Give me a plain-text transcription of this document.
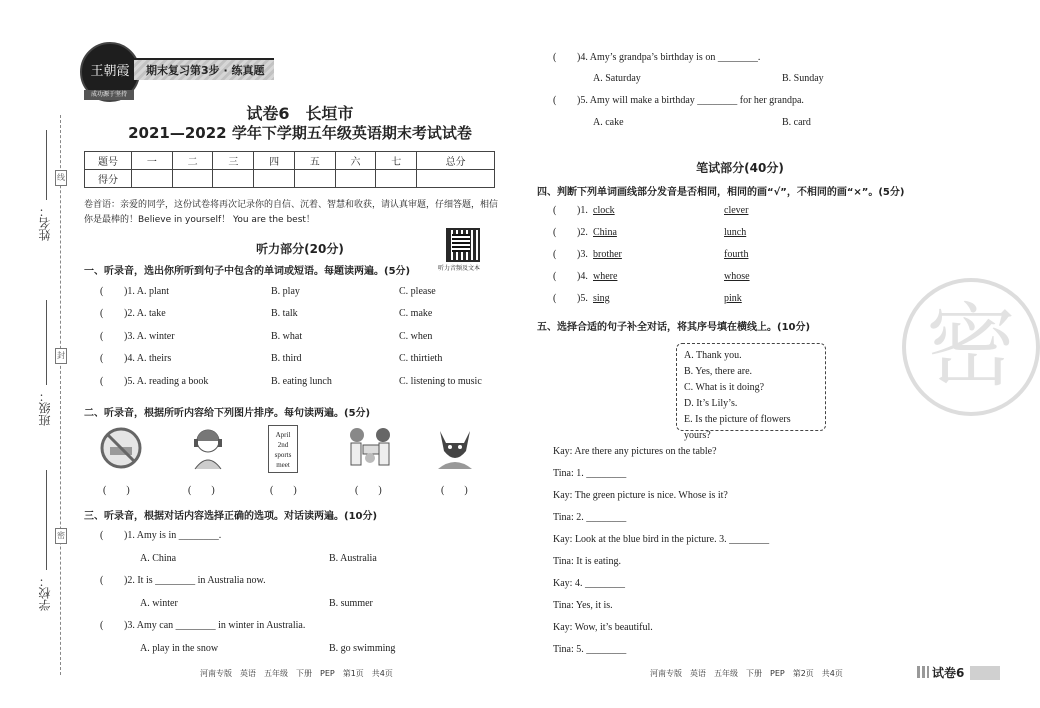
姓名：
班级：
学校：
线
封
密
王朝霞
成功源于坚持
期末复习第3步 · 练真题
试卷6　长垣市
2021—2022 学年下学期五年级英语期末考试试卷
题号	一	二	三	四	五	六	七	总分
得分								
卷首语：亲爱的同学，这份试卷将再次记录你的自信、沉着、智慧和收获，请认真审题，仔细答题，相信你是最棒的！Believe in yourself！ You are the best！
听力部分(20分)
听力音频及文本
一、听录音，选出你所听到句子中包含的单词或短语。每题读两遍。(5分)
( )1. A. plant	B. play	C. please
( )2. A. take	B. talk	C. make
( )3. A. winter	B. what	C. when
( )4. A. theirs	B. third	C. thirtieth
( )5. A. reading a book	B. eating lunch	C. listening to music
二、听录音，根据所听内容给下列图片排序。每句读两遍。(5分)
April
2nd
sports
meet
(　　)	(　　)	(　　)	(　　)	(　　)
三、听录音，根据对话内容选择正确的选项。对话读两遍。(10分)
( )1. Amy is in ________.
A. China	B. Australia
( )2. It is ________ in Australia now.
A. winter	B. summer
( )3. Amy can ________ in winter in Australia.
A. play in the snow	B. go swimming
河南专版　英语　五年级　下册　PEP　第1页　共4页
( )4. Amy’s grandpa’s birthday is on ________.
A. Saturday	B. Sunday
( )5. Amy will make a birthday ________ for her grandpa.
A. cake	B. card
笔试部分(40分)
四、判断下列单词画线部分发音是否相同，相同的画“√”，不相同的画“×”。(5分)
( )1. clock	clever
( )2. China	lunch
( )3. brother	fourth
( )4. where	whose
( )5. sing	pink
五、选择合适的句子补全对话，将其序号填在横线上。(10分)
A. Thank you.
B. Yes, there are.
C. What is it doing?
D. It’s Lily’s.
E. Is the picture of flowers yours?
Kay: Are there any pictures on the table?
Tina: 1. ________
Kay: The green picture is nice. Whose is it?
Tina: 2. ________
Kay: Look at the blue bird in the picture. 3. ________
Tina: It is eating.
Kay: 4. ________
Tina: Yes, it is.
Kay: Wow, it’s beautiful.
Tina: 5. ________
密
河南专版　英语　五年级　下册　PEP　第2页　共4页	试卷6
